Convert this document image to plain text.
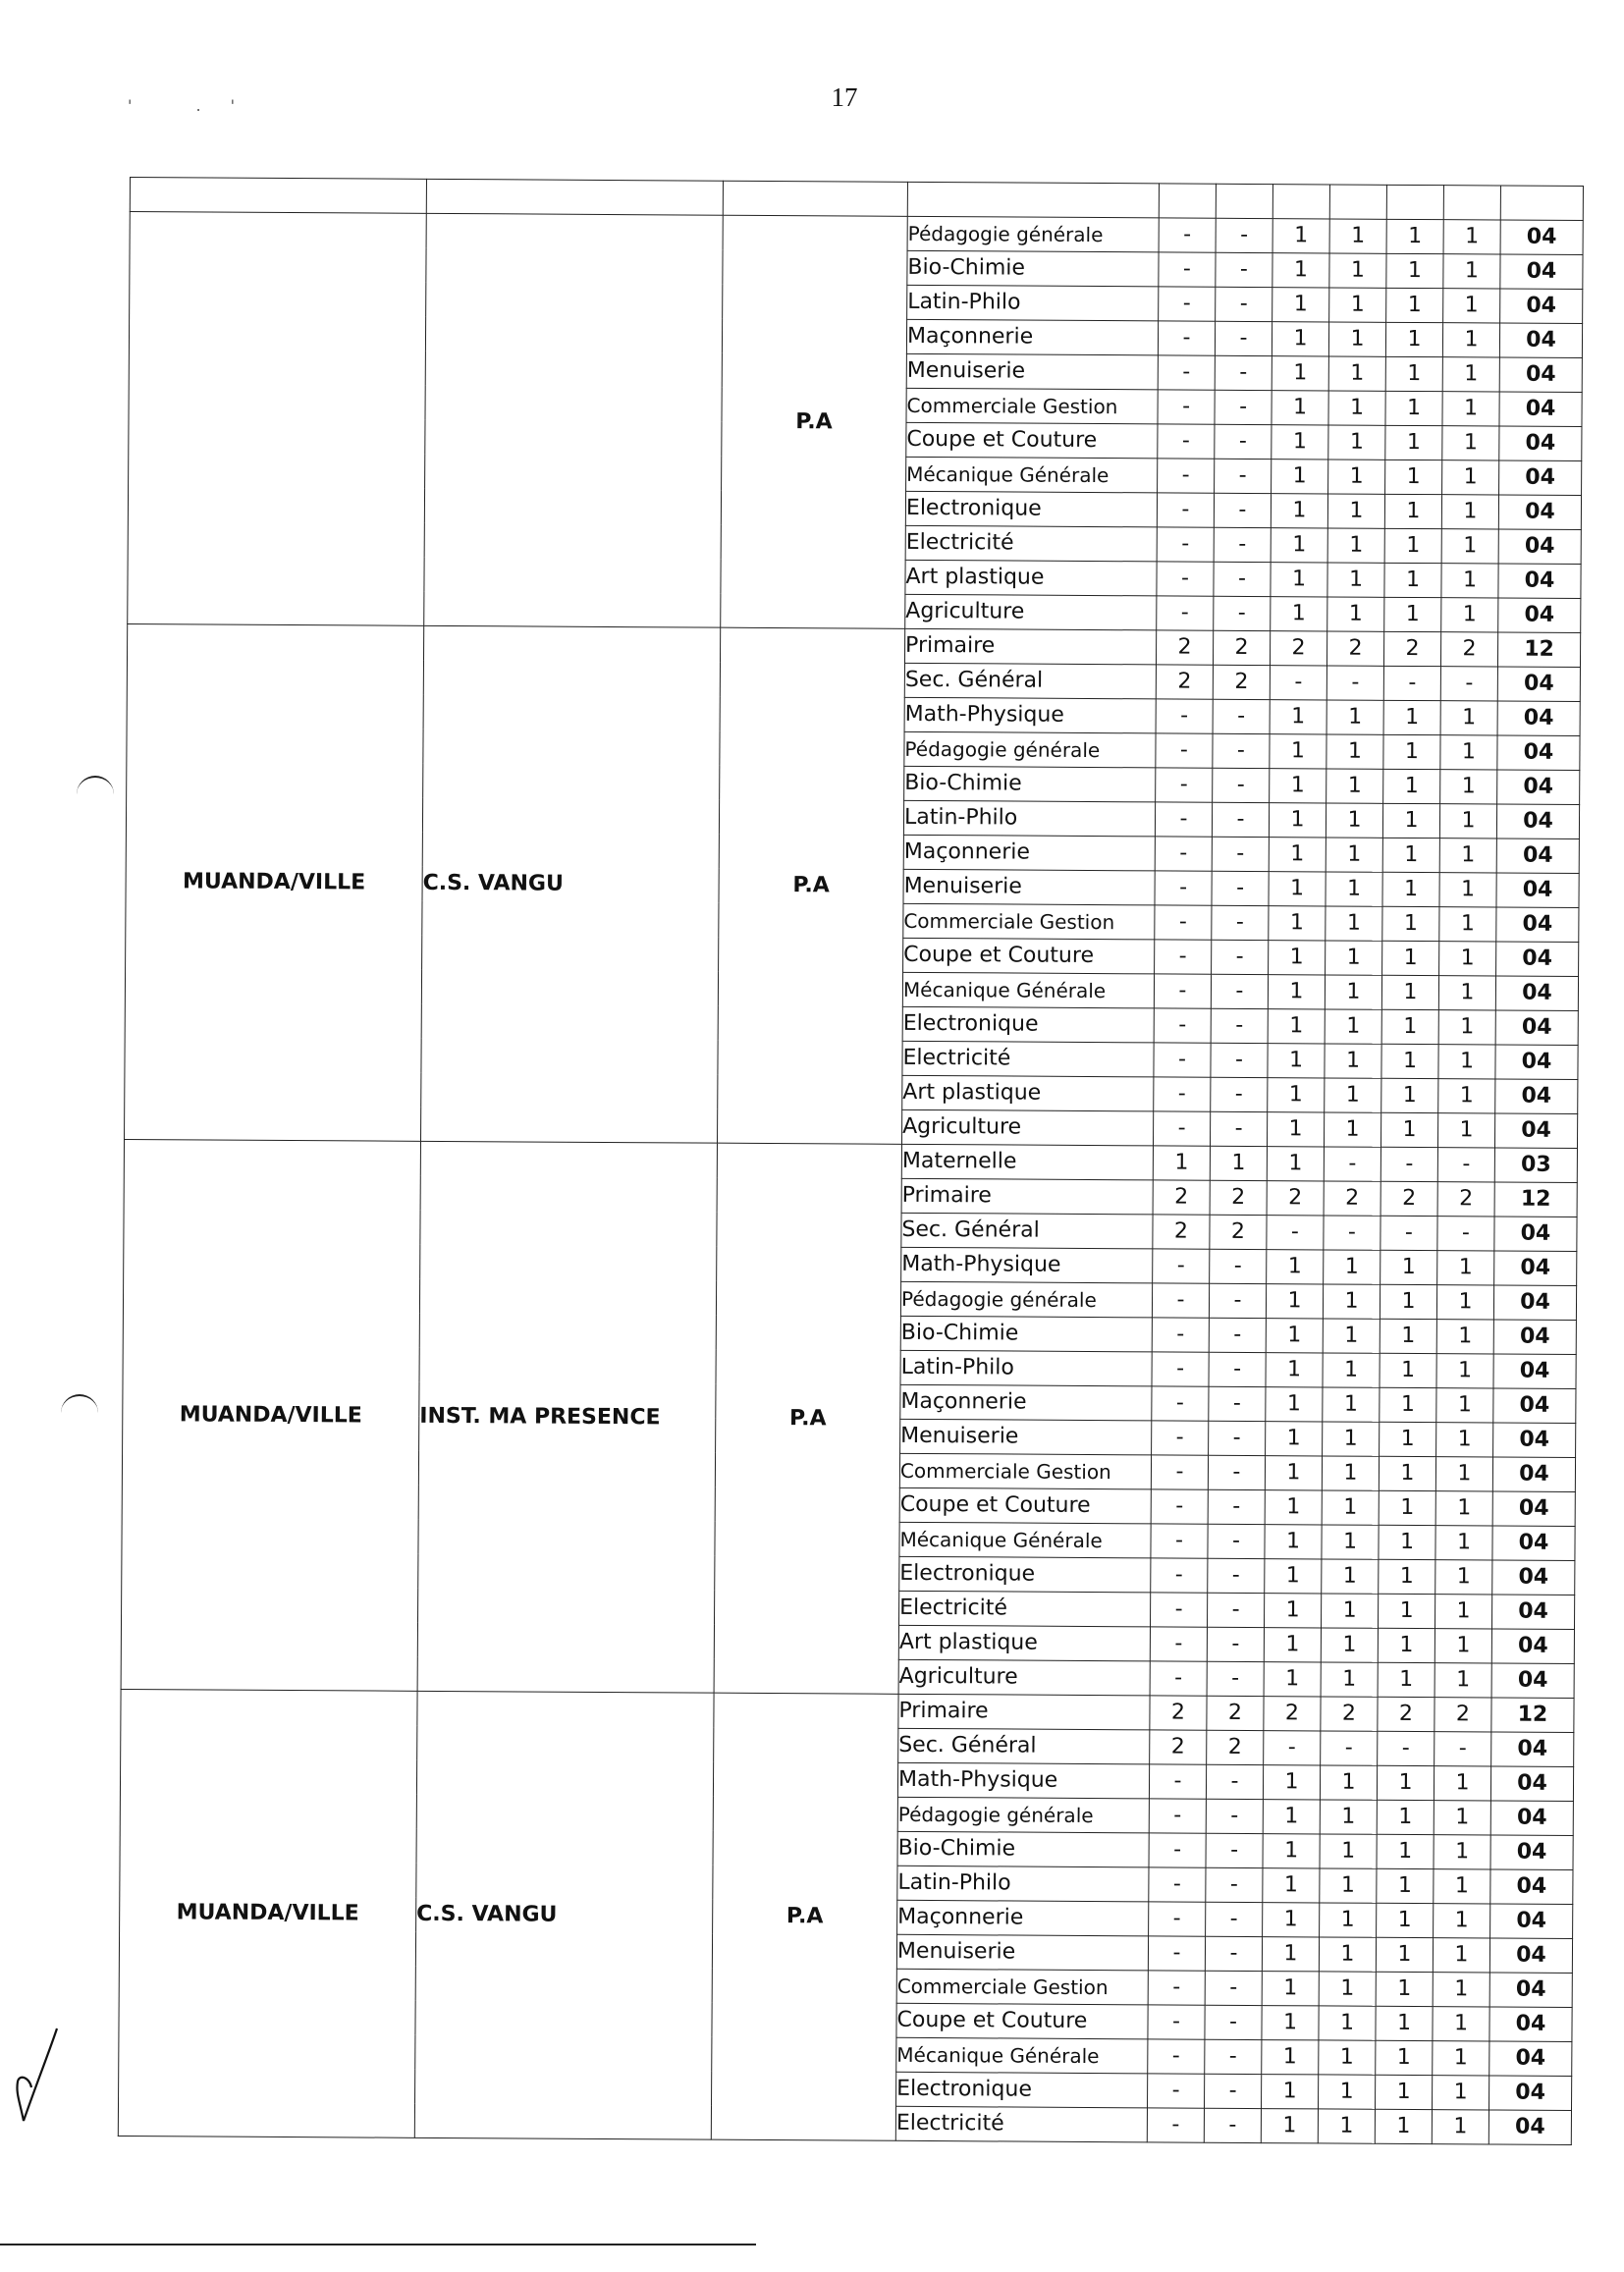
17
' .'

		P.A	Pédagogie générale	-	-	1	1	1	1	04
			Bio-Chimie	-	-	1	1	1	1	04
			Latin-Philo	-	-	1	1	1	1	04
			Maçonnerie	-	-	1	1	1	1	04
			Menuiserie	-	-	1	1	1	1	04
			Commerciale Gestion	-	-	1	1	1	1	04
			Coupe et Couture	-	-	1	1	1	1	04
			Mécanique Générale	-	-	1	1	1	1	04
			Electronique	-	-	1	1	1	1	04
			Electricité	-	-	1	1	1	1	04
			Art plastique	-	-	1	1	1	1	04
			Agriculture	-	-	1	1	1	1	04
MUANDA/VILLE	C.S. VANGU	P.A	Primaire	2	2	2	2	2	2	12
			Sec. Général	2	2	-	-	-	-	04
			Math-Physique	-	-	1	1	1	1	04
			Pédagogie générale	-	-	1	1	1	1	04
			Bio-Chimie	-	-	1	1	1	1	04
			Latin-Philo	-	-	1	1	1	1	04
			Maçonnerie	-	-	1	1	1	1	04
			Menuiserie	-	-	1	1	1	1	04
			Commerciale Gestion	-	-	1	1	1	1	04
			Coupe et Couture	-	-	1	1	1	1	04
			Mécanique Générale	-	-	1	1	1	1	04
			Electronique	-	-	1	1	1	1	04
			Electricité	-	-	1	1	1	1	04
			Art plastique	-	-	1	1	1	1	04
			Agriculture	-	-	1	1	1	1	04
MUANDA/VILLE	INST. MA PRESENCE	P.A	Maternelle	1	1	1	-	-	-	03
			Primaire	2	2	2	2	2	2	12
			Sec. Général	2	2	-	-	-	-	04
			Math-Physique	-	-	1	1	1	1	04
			Pédagogie générale	-	-	1	1	1	1	04
			Bio-Chimie	-	-	1	1	1	1	04
			Latin-Philo	-	-	1	1	1	1	04
			Maçonnerie	-	-	1	1	1	1	04
			Menuiserie	-	-	1	1	1	1	04
			Commerciale Gestion	-	-	1	1	1	1	04
			Coupe et Couture	-	-	1	1	1	1	04
			Mécanique Générale	-	-	1	1	1	1	04
			Electronique	-	-	1	1	1	1	04
			Electricité	-	-	1	1	1	1	04
			Art plastique	-	-	1	1	1	1	04
			Agriculture	-	-	1	1	1	1	04
MUANDA/VILLE	C.S. VANGU	P.A	Primaire	2	2	2	2	2	2	12
			Sec. Général	2	2	-	-	-	-	04
			Math-Physique	-	-	1	1	1	1	04
			Pédagogie générale	-	-	1	1	1	1	04
			Bio-Chimie	-	-	1	1	1	1	04
			Latin-Philo	-	-	1	1	1	1	04
			Maçonnerie	-	-	1	1	1	1	04
			Menuiserie	-	-	1	1	1	1	04
			Commerciale Gestion	-	-	1	1	1	1	04
			Coupe et Couture	-	-	1	1	1	1	04
			Mécanique Générale	-	-	1	1	1	1	04
			Electronique	-	-	1	1	1	1	04
			Electricité	-	-	1	1	1	1	04
